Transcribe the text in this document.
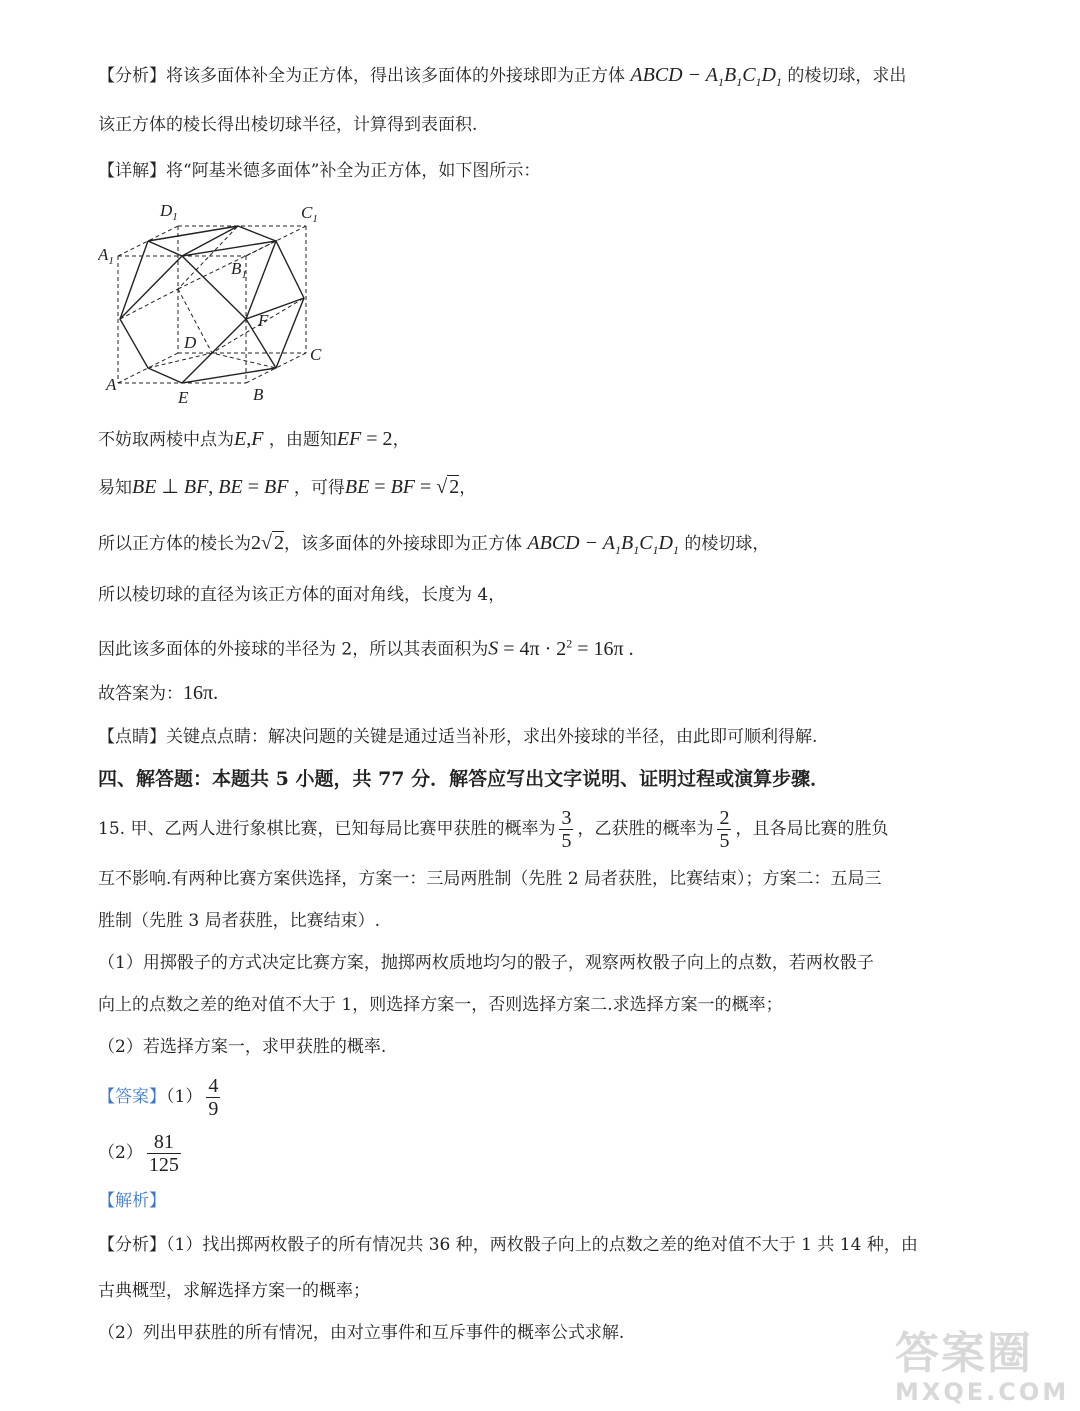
【分析】将该多面体补全为正方体，得出该多面体的外接球即为正方体 ABCD − $A_1B_1C_1D_1$ 的棱切球，求出
该正方体的棱长得出棱切球半径，计算得到表面积.
【详解】将“阿基米德多面体”补全为正方体，如下图所示：
$D_1$	$C_1$
$A_1$	$B_1$
F
D
C
A
E	B
不妨取两棱中点为E,F ，由题知EF = 2，
易知BE ⊥ BF, BE = BF ，可得BE = BF = √ 2，
所以正方体的棱长为2√ 2，该多面体的外接球即为正方体 ABCD − $A_1B_1C_1D_1$ 的棱切球，
所以棱切球的直径为该正方体的面对角线，长度为 4，
因此该多面体的外接球的半径为 2，所以其表面积为$S = 4\pi \cdot 2^2 = 16\pi$ .
故答案为：16π.
【点睛】关键点点睛：解决问题的关键是通过适当补形，求出外接球的半径，由此即可顺利得解.
四、解答题：本题共 5 小题，共 77 分．解答应写出文字说明、证明过程或演算步骤．
15. 甲、乙两人进行象棋比赛，已知每局比赛甲获胜的概率为 $\frac{3}{5}$ ，乙获胜的概率为 $\frac{2}{5}$ ，且各局比赛的胜负
互不影响.有两种比赛方案供选择，方案一：三局两胜制（先胜 2 局者获胜，比赛结束）；方案二：五局三
胜制（先胜 3 局者获胜，比赛结束）.
（1）用掷骰子的方式决定比赛方案，抛掷两枚质地均匀的骰子，观察两枚骰子向上的点数，若两枚骰子
向上的点数之差的绝对值不大于 1，则选择方案一，否则选择方案二.求选择方案一的概率；
（2）若选择方案一，求甲获胜的概率.
【答案】$(1) \frac{4}{9}$
$(2) \frac{81}{125}$
【解析】
【分析】（1）找出掷两枚骰子的所有情况共 36 种，两枚骰子向上的点数之差的绝对值不大于 1 共 14 种，由
古典概型，求解选择方案一的概率；
（2）列出甲获胜的所有情况，由对立事件和互斥事件的概率公式求解.	答案圈
MXQE.COM
